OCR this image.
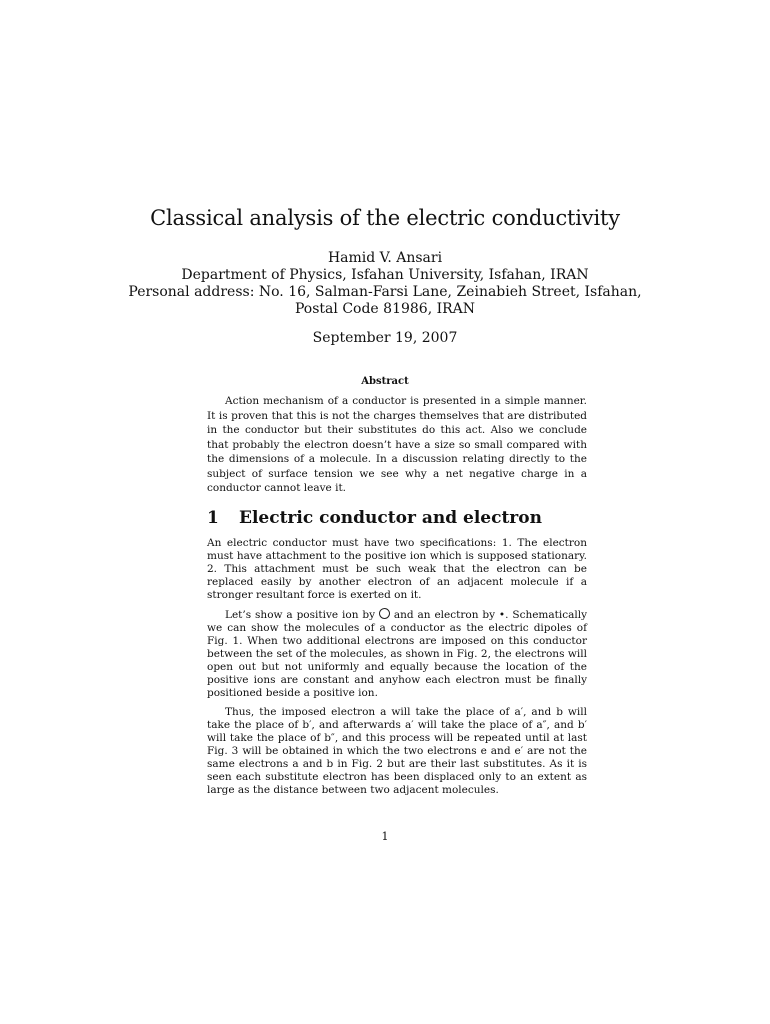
Classical analysis of the electric conductivity
Hamid V. Ansari
Department of Physics, Isfahan University, Isfahan, IRAN
Personal address: No. 16, Salman-Farsi Lane, Zeinabieh Street, Isfahan,
Postal Code 81986, IRAN
September 19, 2007
Abstract

Action mechanism of a conductor is presented in a simple manner. It is proven that this is not the charges themselves that are distributed in the conductor but their substitutes do this act. Also we conclude that probably the electron doesn’t have a size so small compared with the dimensions of a molecule. In a discussion relating directly to the subject of surface tension we see why a net negative charge in a conductor cannot leave it.

1 Electric conductor and electron

An electric conductor must have two specifications: 1. The electron must have attachment to the positive ion which is supposed stationary. 2. This attachment must be such weak that the electron can be replaced easily by another electron of an adjacent molecule if a stronger resultant force is exerted on it.

Let’s show a positive ion by and an electron by •. Schematically we can show the molecules of a conductor as the electric dipoles of Fig. 1. When two additional electrons are imposed on this conductor between the set of the molecules, as shown in Fig. 2, the electrons will open out but not uniformly and equally because the location of the positive ions are constant and anyhow each electron must be finally positioned beside a positive ion.

Thus, the imposed electron a will take the place of a′, and b will take the place of b′, and afterwards a′ will take the place of a″, and b′ will take the place of b″, and this process will be repeated until at last Fig. 3 will be obtained in which the two electrons e and e′ are not the same electrons a and b in Fig. 2 but are their last substitutes. As it is seen each substitute electron has been displaced only to an extent as large as the distance between two adjacent molecules.

1
